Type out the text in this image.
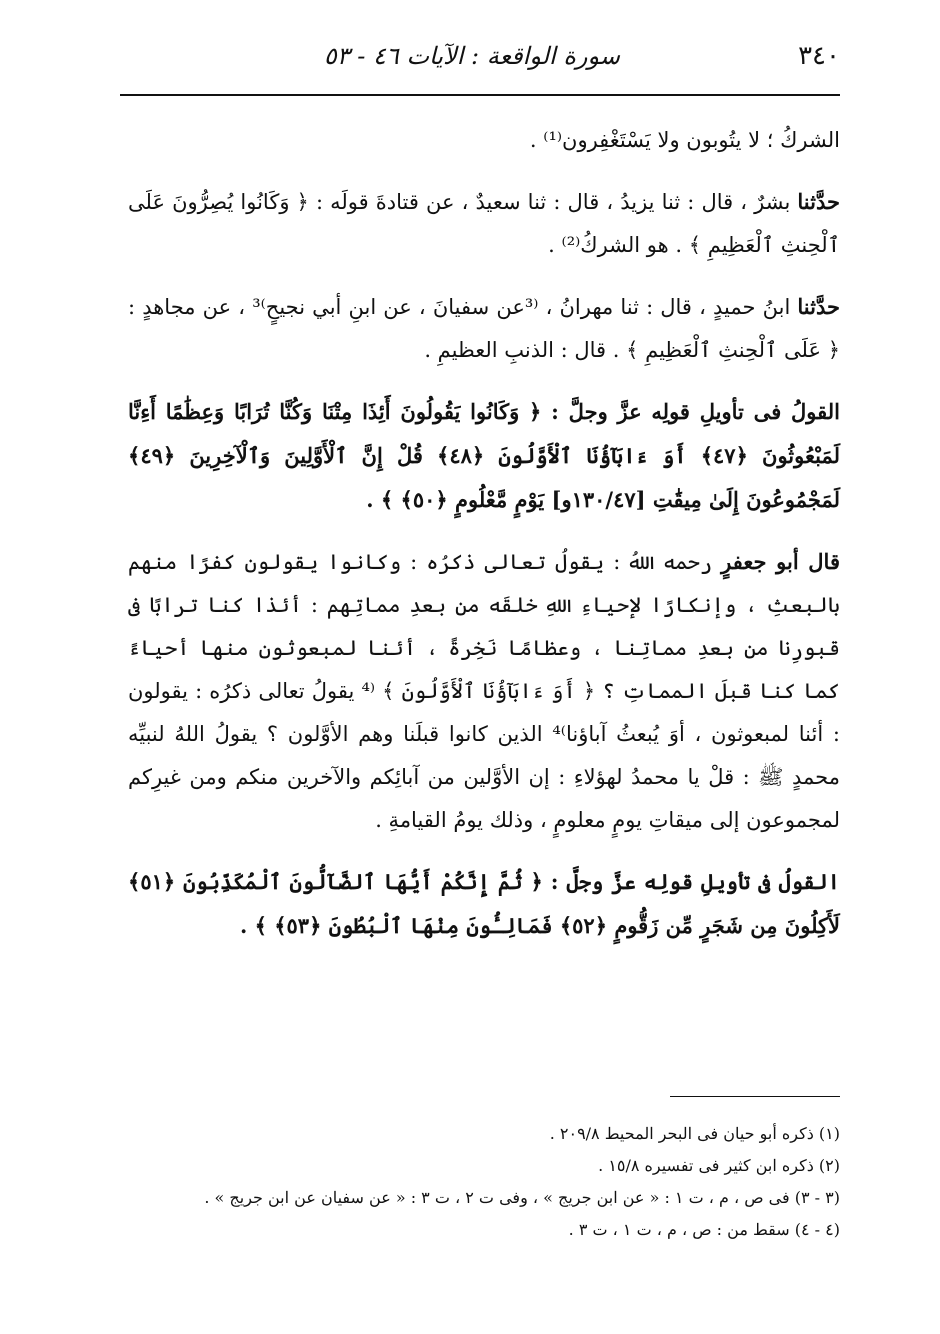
٣٤٠
سورة الواقعة : الآيات ٤٦ - ٥٣

الشركُ ؛ لا يتُوبون ولا يَسْتَغْفِرون⁽¹⁾ .

حدَّثنا بشرٌ ، قال : ثنا يزيدُ ، قال : ثنا سعيدٌ ، عن قتادةَ قولَه : ﴿ وَكَانُوا يُصِرُّونَ عَلَى ٱلْحِنثِ ٱلْعَظِيمِ ﴾ . هو الشركُ⁽²⁾ .

حدَّثنا ابنُ حميدٍ ، قال : ثنا مهرانُ ، ⁽³عن سفيانَ ، عن ابنِ أبي نجيحٍ⁾³ ، عن مجاهدٍ : ﴿ عَلَى ٱلْحِنثِ ٱلْعَظِيمِ ﴾ . قال : الذنبِ العظيمِ .

القولُ فى تأويلِ قولِه عزَّ وجلَّ : ﴿ وَكَانُوا يَقُولُونَ أَئِذَا مِتْنَا وَكُنَّا تُرَابًا وَعِظَٰمًا أَءِنَّا لَمَبْعُوثُونَ ﴿٤٧﴾ أَوَ ءَابَآؤُنَا ٱلْأَوَّلُونَ ﴿٤٨﴾ قُلْ إِنَّ ٱلْأَوَّلِينَ وَٱلْآخِرِينَ ﴿٤٩﴾ لَمَجْمُوعُونَ إِلَىٰ مِيقَٰتِ [١٣٠/٤٧و] يَوْمٍ مَّعْلُومٍ ﴿٥٠﴾ ﴾ .

قال أبو جعفرٍ رحمه اللهُ : يقولُ تعالى ذكرُه : وكانوا يقولون كفرًا منهم بالبعثِ ، وإنكارًا لإحياءِ اللهِ خلقَه من بعدِ مماتِهم : أئذا كنا ترابًا فى قبورِنا من بعدِ مماتِنا ، وعظامًا نَخِرةً ، أئنا لمبعوثون منها أحياءً كما كنا قبلَ المماتِ ؟ ﴿ أَوَ ءَابَآؤُنَا ٱلْأَوَّلُونَ ﴾ ⁽⁴ يقولُ تعالى ذكرُه : يقولون : أئنا لمبعوثون ، أوَ يُبعثُ آباؤنا⁾⁴ الذين كانوا قبلَنا وهم الأوَّلون ؟ يقولُ اللهُ لنبيِّه محمدٍ ﷺ : قلْ يا محمدُ لهؤلاءِ : إن الأوَّلين من آبائِكم والآخرين منكم ومن غيرِكم لمجموعون إلى ميقاتِ يومٍ معلومٍ ، وذلك يومُ القيامةِ .

القولُ فى تأويلِ قولِه عزَّ وجلَّ : ﴿ ثُمَّ إِنَّكُمْ أَيُّهَا ٱلضَّآلُّونَ ٱلْمُكَذِّبُونَ ﴿٥١﴾ لَأَكِلُونَ مِن شَجَرٍ مِّن زَقُّومٍ ﴿٥٢﴾ فَمَالِـُٔونَ مِنْهَا ٱلْبُطُونَ ﴿٥٣﴾ ﴾ .

(١) ذكره أبو حيان فى البحر المحيط ٢٠٩/٨ .

(٢) ذكره ابن كثير فى تفسيره ١٥/٨ .

(٣ - ٣) فى ص ، م ، ت ١ : « عن ابن جريج » ، وفى ت ٢ ، ت ٣ : « عن سفيان عن ابن جريج » .

(٤ - ٤) سقط من : ص ، م ، ت ١ ، ت ٣ .
